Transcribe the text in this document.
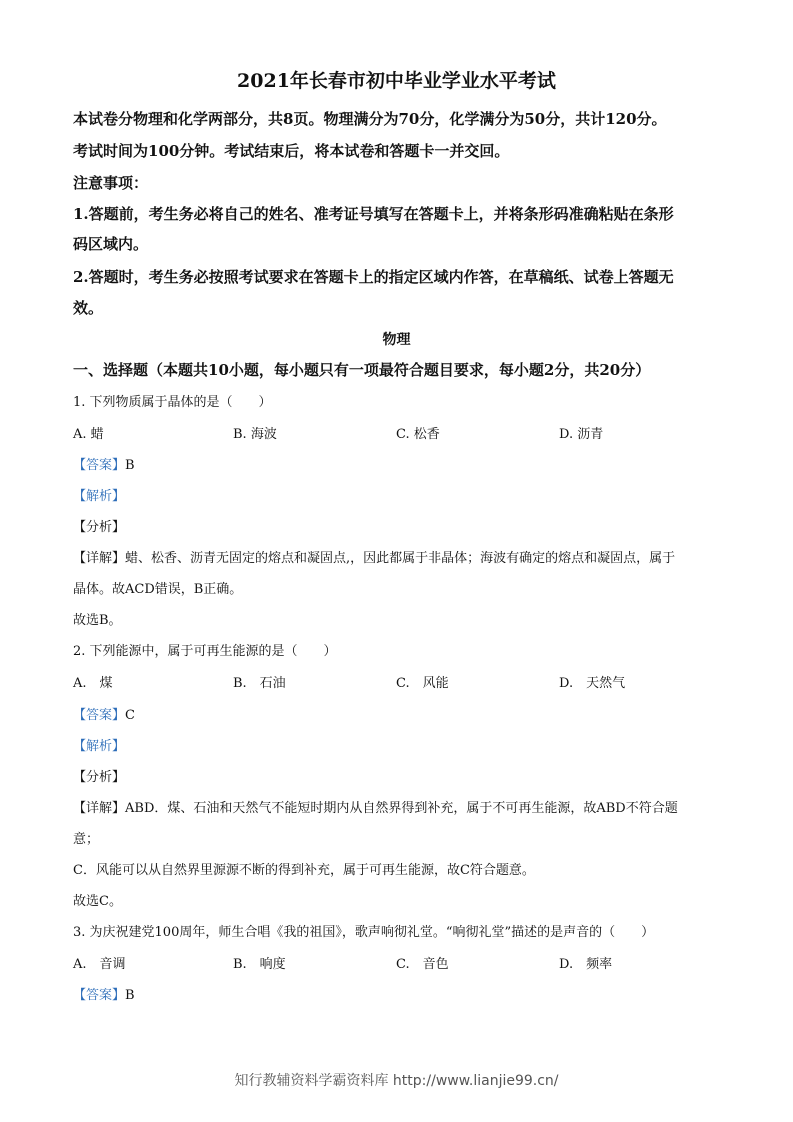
2021年长春市初中毕业学业水平考试
本试卷分物理和化学两部分，共8页。物理满分为70分，化学满分为50分，共计120分。
考试时间为100分钟。考试结束后，将本试卷和答题卡一并交回。
注意事项：
1.答题前，考生务必将自己的姓名、准考证号填写在答题卡上，并将条形码准确粘贴在条形
码区域内。
2.答题时，考生务必按照考试要求在答题卡上的指定区域内作答，在草稿纸、试卷上答题无
效。
物理
一、选择题（本题共10小题，每小题只有一项最符合题目要求，每小题2分，共20分）
1. 下列物质属于晶体的是（　　）
A. 蜡	B. 海波	C. 松香	D. 沥青
【答案】B
【解析】
【分析】
【详解】蜡、松香、沥青无固定的熔点和凝固点,，因此都属于非晶体；海波有确定的熔点和凝固点，属于
晶体。故ACD错误，B正确。
故选B。
2. 下列能源中，属于可再生能源的是（　　）
A.　煤	B.　石油	C.　风能	D.　天然气
【答案】C
【解析】
【分析】
【详解】ABD．煤、石油和天然气不能短时期内从自然界得到补充，属于不可再生能源，故ABD不符合题
意；
C．风能可以从自然界里源源不断的得到补充，属于可再生能源，故C符合题意。
故选C。
3. 为庆祝建党100周年，师生合唱《我的祖国》，歌声响彻礼堂。“响彻礼堂”描述的是声音的（　　）
A.　音调	B.　响度	C.　音色	D.　频率
【答案】B
知行教辅资料学霸资料库 http://www.lianjie99.cn/
